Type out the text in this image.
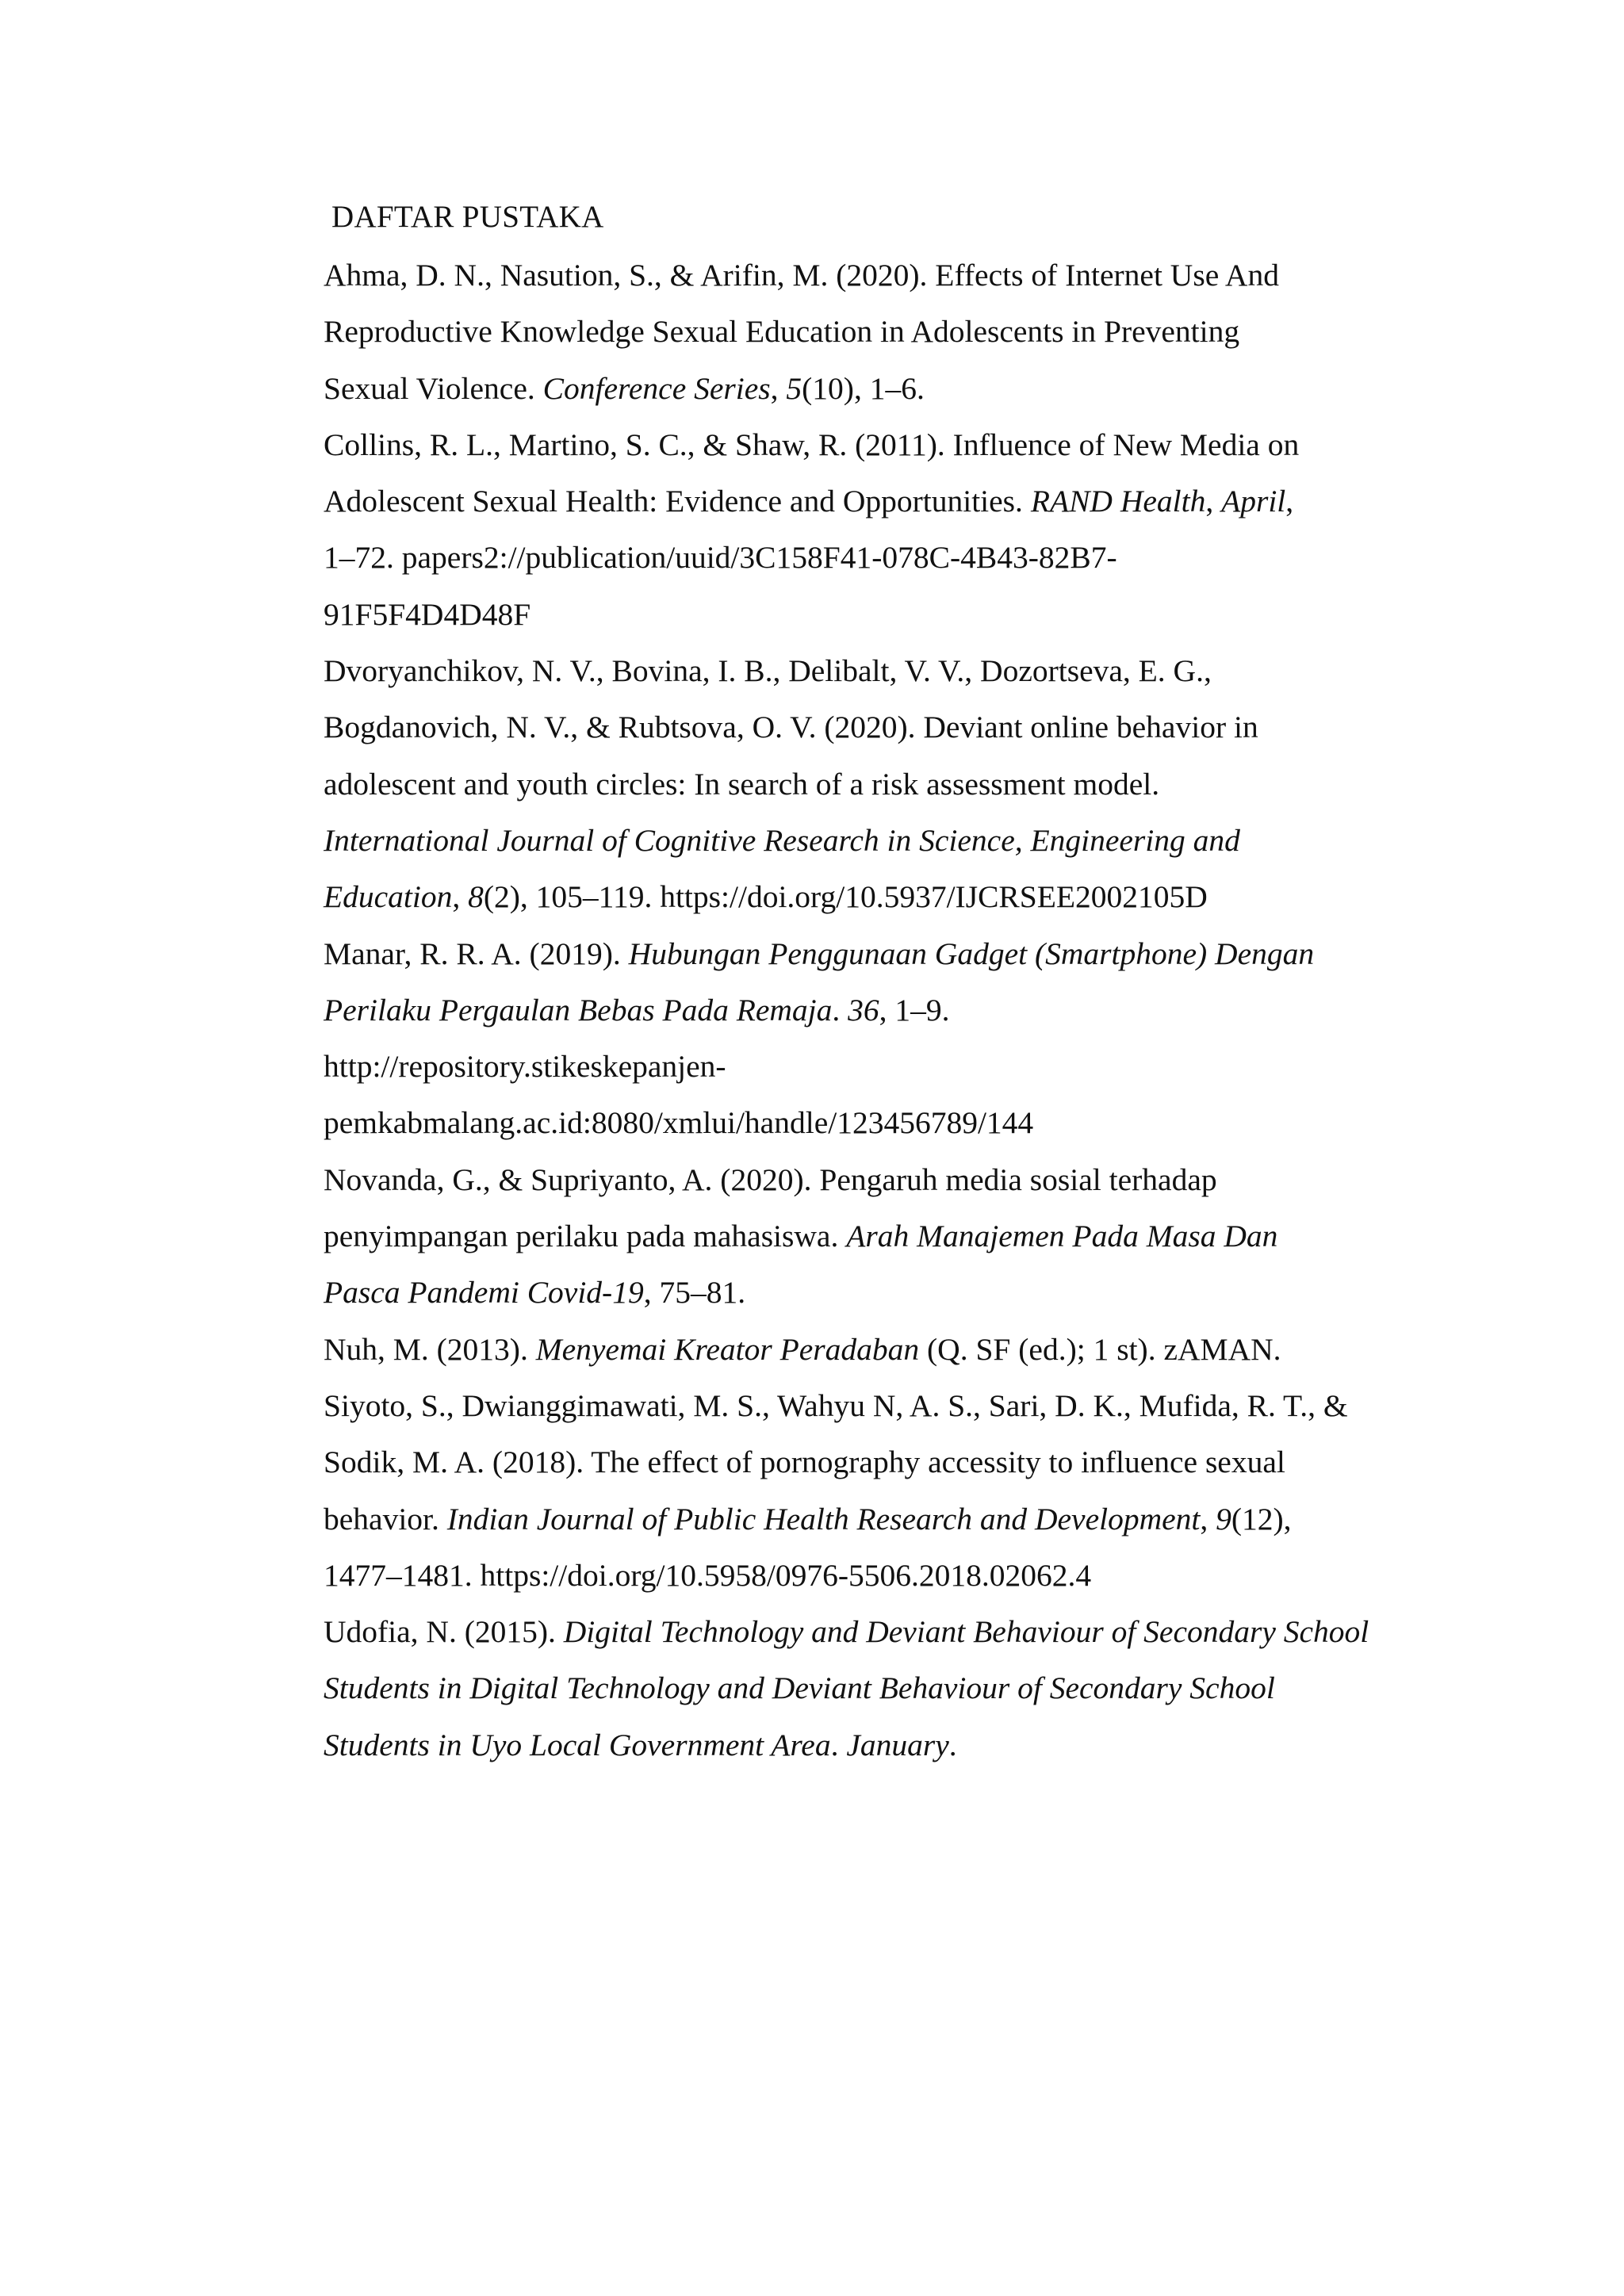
DAFTAR PUSTAKA
Ahma, D. N., Nasution, S., & Arifin, M. (2020). Effects of Internet Use And
Reproductive Knowledge Sexual Education in Adolescents in Preventing
Sexual Violence. Conference Series, 5(10), 1–6.
Collins, R. L., Martino, S. C., & Shaw, R. (2011). Influence of New Media on
Adolescent Sexual Health: Evidence and Opportunities. RAND Health, April,
1–72. papers2://publication/uuid/3C158F41-078C-4B43-82B7-
91F5F4D4D48F
Dvoryanchikov, N. V., Bovina, I. B., Delibalt, V. V., Dozortseva, E. G.,
Bogdanovich, N. V., & Rubtsova, O. V. (2020). Deviant online behavior in
adolescent and youth circles: In search of a risk assessment model.
International Journal of Cognitive Research in Science, Engineering and
Education, 8(2), 105–119. https://doi.org/10.5937/IJCRSEE2002105D
Manar, R. R. A. (2019). Hubungan Penggunaan Gadget (Smartphone) Dengan
Perilaku Pergaulan Bebas Pada Remaja. 36, 1–9.
http://repository.stikeskepanjen-
pemkabmalang.ac.id:8080/xmlui/handle/123456789/144
Novanda, G., & Supriyanto, A. (2020). Pengaruh media sosial terhadap
penyimpangan perilaku pada mahasiswa. Arah Manajemen Pada Masa Dan
Pasca Pandemi Covid-19, 75–81.
Nuh, M. (2013). Menyemai Kreator Peradaban (Q. SF (ed.); 1 st). zAMAN.
Siyoto, S., Dwianggimawati, M. S., Wahyu N, A. S., Sari, D. K., Mufida, R. T., &
Sodik, M. A. (2018). The effect of pornography accessity to influence sexual
behavior. Indian Journal of Public Health Research and Development, 9(12),
1477–1481. https://doi.org/10.5958/0976-5506.2018.02062.4
Udofia, N. (2015). Digital Technology and Deviant Behaviour of Secondary School
Students in Digital Technology and Deviant Behaviour of Secondary School
Students in Uyo Local Government Area. January.
